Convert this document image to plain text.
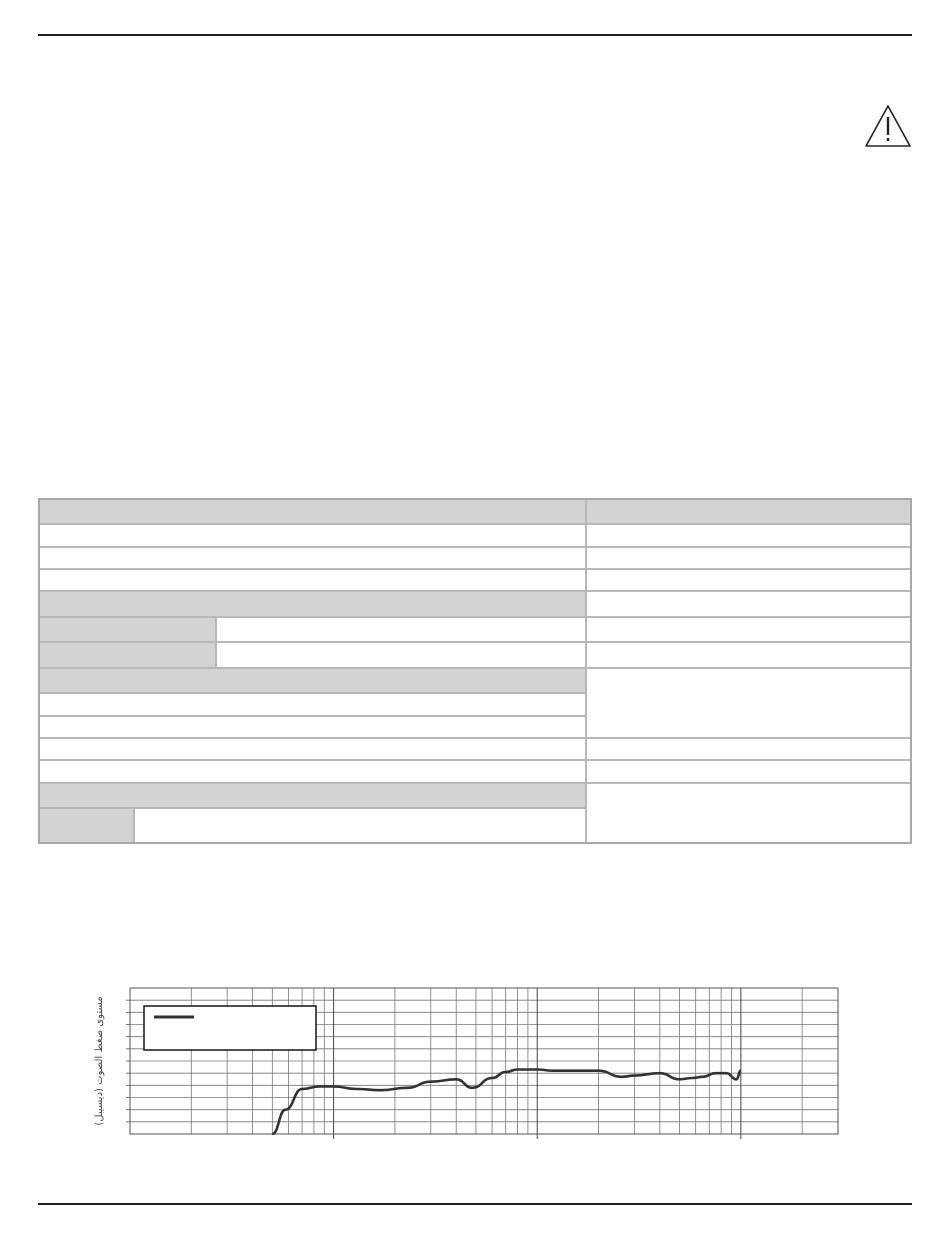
مستوى ضغط الصوت (ديسيبل)
